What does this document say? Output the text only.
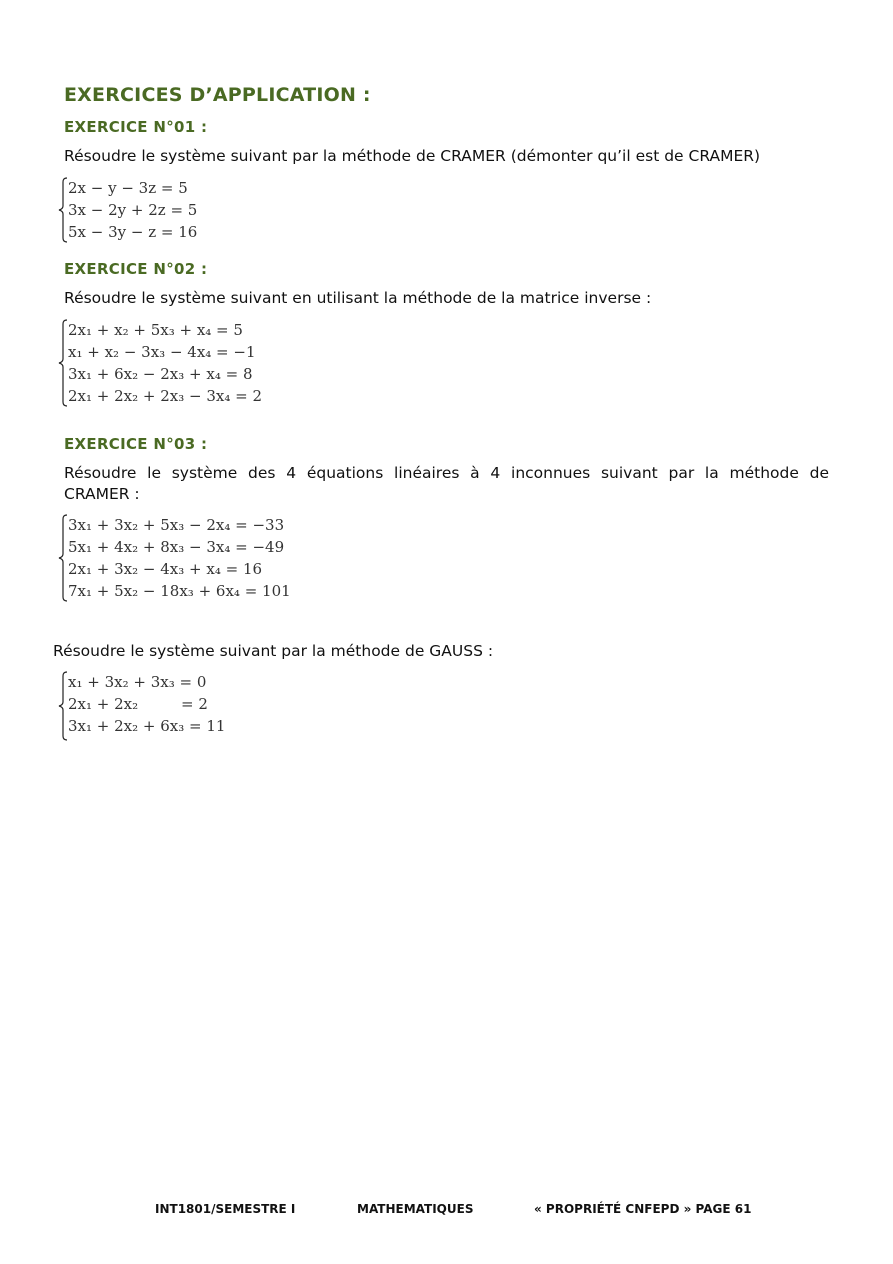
EXERCICES D’APPLICATION :
EXERCICE N°01 :
Résoudre le système suivant par la méthode de CRAMER (démonter qu’il est de CRAMER)
2x − y − 3z = 5
3x − 2y + 2z = 5
5x − 3y − z = 16
EXERCICE N°02 :
Résoudre le système suivant en utilisant la méthode de la matrice inverse :
2x₁ + x₂ + 5x₃ + x₄ = 5
x₁ + x₂ − 3x₃ − 4x₄ = −1
3x₁ + 6x₂ − 2x₃ + x₄ = 8
2x₁ + 2x₂ + 2x₃ − 3x₄ = 2
EXERCICE N°03 :
Résoudre le système des 4 équations linéaires à 4 inconnues suivant par la méthode de
CRAMER :
3x₁ + 3x₂ + 5x₃ − 2x₄ = −33
5x₁ + 4x₂ + 8x₃ − 3x₄ = −49
2x₁ + 3x₂ − 4x₃ + x₄ = 16
7x₁ + 5x₂ − 18x₃ + 6x₄ = 101
Résoudre le système suivant par la méthode de GAUSS :
x₁ + 3x₂ + 3x₃ = 0
2x₁ + 2x₂         = 2
3x₁ + 2x₂ + 6x₃ = 11
INT1801/SEMESTRE I	MATHEMATIQUES	« PROPRIÉTÉ CNFEPD » PAGE 61
